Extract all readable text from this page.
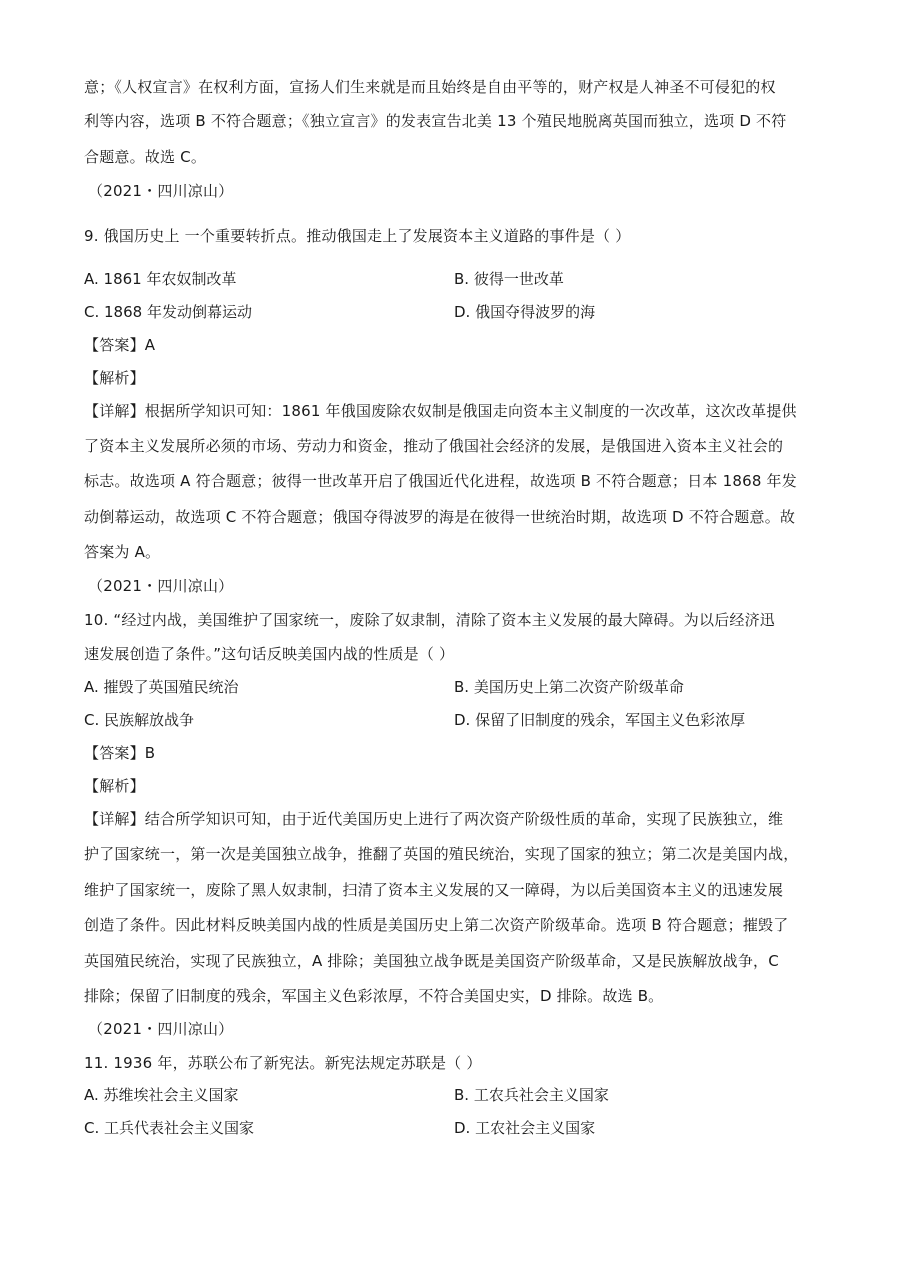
意；《人权宣言》在权利方面，宣扬人们生来就是而且始终是自由平等的，财产权是人神圣不可侵犯的权
利等内容，选项 B 不符合题意；《独立宣言》的发表宣告北美 13 个殖民地脱离英国而独立，选项 D 不符
合题意。故选 C。
（2021・四川凉山）
9. 俄国历史上 一个重要转折点。推动俄国走上了发展资本主义道路的事件是（ ）
A. 1861 年农奴制改革	B. 彼得一世改革
C. 1868 年发动倒幕运动	D. 俄国夺得波罗的海
【答案】A
【解析】
【详解】根据所学知识可知：1861 年俄国废除农奴制是俄国走向资本主义制度的一次改革，这次改革提供
了资本主义发展所必须的市场、劳动力和资金，推动了俄国社会经济的发展，是俄国进入资本主义社会的
标志。故选项 A 符合题意；彼得一世改革开启了俄国近代化进程，故选项 B 不符合题意；日本 1868 年发
动倒幕运动，故选项 C 不符合题意；俄国夺得波罗的海是在彼得一世统治时期，故选项 D 不符合题意。故
答案为 A。
（2021・四川凉山）
10. “经过内战，美国维护了国家统一，废除了奴隶制，清除了资本主义发展的最大障碍。为以后经济迅
速发展创造了条件。”这句话反映美国内战的性质是（ ）
A. 摧毁了英国殖民统治	B. 美国历史上第二次资产阶级革命
C. 民族解放战争	D. 保留了旧制度的残余，军国主义色彩浓厚
【答案】B
【解析】
【详解】结合所学知识可知，由于近代美国历史上进行了两次资产阶级性质的革命，实现了民族独立，维
护了国家统一，第一次是美国独立战争，推翻了英国的殖民统治，实现了国家的独立；第二次是美国内战，
维护了国家统一，废除了黑人奴隶制，扫清了资本主义发展的又一障碍，为以后美国资本主义的迅速发展
创造了条件。因此材料反映美国内战的性质是美国历史上第二次资产阶级革命。选项 B 符合题意；摧毁了
英国殖民统治，实现了民族独立，A 排除；美国独立战争既是美国资产阶级革命，又是民族解放战争，C
排除；保留了旧制度的残余，军国主义色彩浓厚，不符合美国史实，D 排除。故选 B。
（2021・四川凉山）
11. 1936 年，苏联公布了新宪法。新宪法规定苏联是（ ）
A. 苏维埃社会主义国家	B. 工农兵社会主义国家
C. 工兵代表社会主义国家	D. 工农社会主义国家
